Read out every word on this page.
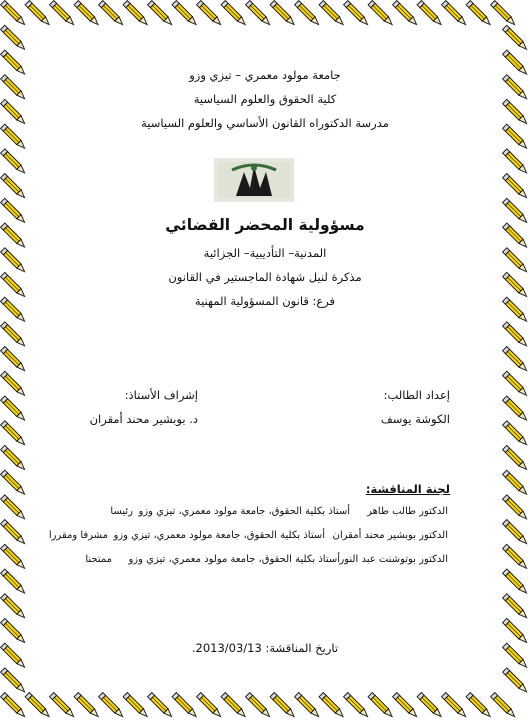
جامعة مولود معمري – تيزي وزو
كلية الحقوق والعلوم السياسية
مدرسة الدكتوراه القانون الأساسي والعلوم السياسية
مسؤولية المحضر القضائي
المدنية– التأديبية– الجزائية
مذكرة لنيل شهادة الماجستير في القانون
فرع: قانون المسؤولية المهنية
إعداد الطالب:
إشراف الأستاذ:
الكوشة يوسف
د. بوبشير محند أمقران
لجنة المناقشة:
الدكتور طالب طاهر
أستاذ بكلية الحقوق، جامعة مولود معمري، تيزي وزو
رئيسا
الدكتور بوبشير محند أمقران
أستاذ بكلية الحقوق، جامعة مولود معمري، تيزي وزو
مشرفا ومقررا
الدكتور بوتوشنت عبد النور
أستاذ بكلية الحقوق، جامعة مولود معمري، تيزي وزو
ممتحنا
تاريخ المناقشة: 2013/03/13.
